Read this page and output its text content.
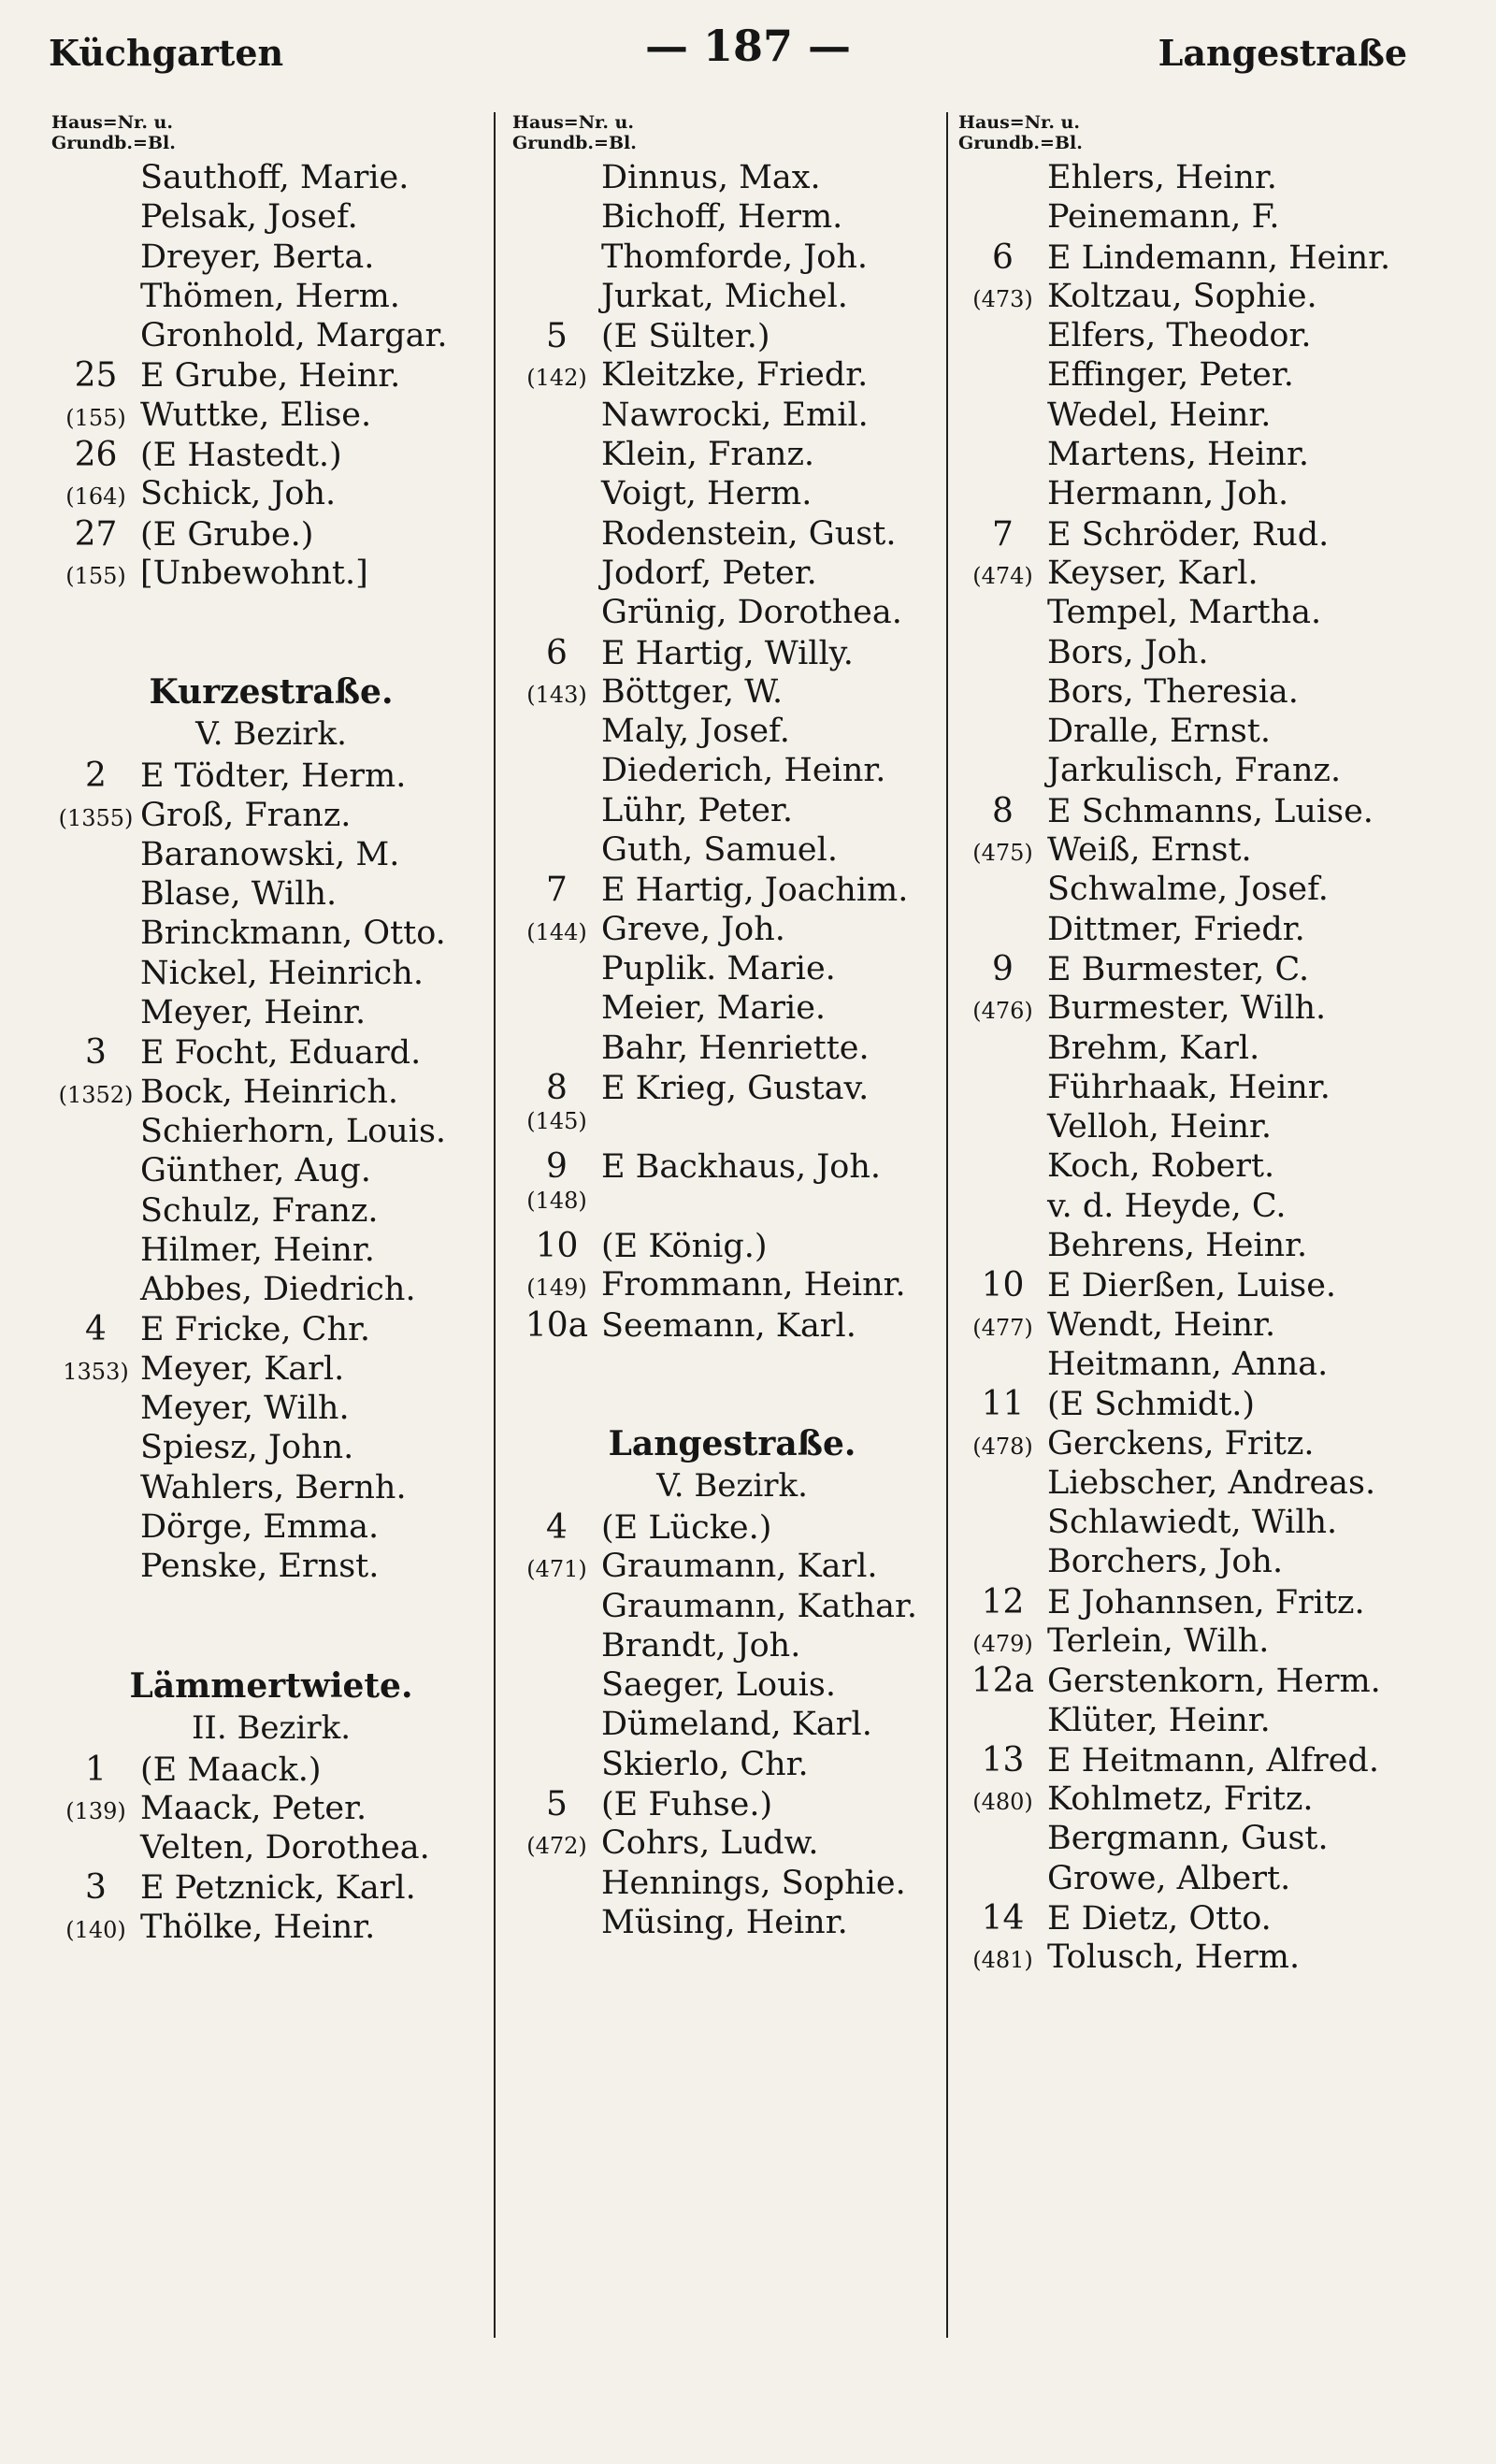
Küchgarten	— 187 —	Langestraße
Haus=Nr. u.
Grundb.=Bl.
Sauthoff, Marie.
Pelsak, Josef.
Dreyer, Berta.
Thömen, Herm.
Gronhold, Margar.
25 E Grube, Heinr.
(155) Wuttke, Elise.
26 (E Hastedt.)
(164) Schick, Joh.
27 (E Grube.)
(155) [Unbewohnt.]
Kurzestraße.
V. Bezirk.
2	E Tödter, Herm.
(1355) Groß, Franz.
Baranowski, M.
Blase, Wilh.
Brinckmann, Otto.
Nickel, Heinrich.
Meyer, Heinr.
3	E Focht, Eduard.
(1352) Bock, Heinrich.
Schierhorn, Louis.
Günther, Aug.
Schulz, Franz.
Hilmer, Heinr.
Abbes, Diedrich.
4	E Fricke, Chr.
1353) Meyer, Karl.
Meyer, Wilh.
Spiesz, John.
Wahlers, Bernh.
Dörge, Emma.
Penske, Ernst.
Lämmertwiete.
II. Bezirk.
1	(E Maack.)
(139) Maack, Peter.
Velten, Dorothea.
3	E Petznick, Karl.
(140) Thölke, Heinr.
Haus=Nr. u.
Grundb.=Bl.
Dinnus, Max.
Bichoff, Herm.
Thomforde, Joh.
Jurkat, Michel.
5	(E Sülter.)
(142) Kleitzke, Friedr.
Nawrocki, Emil.
Klein, Franz.
Voigt, Herm.
Rodenstein, Gust.
Jodorf, Peter.
Grünig, Dorothea.
6	E Hartig, Willy.
(143) Böttger, W.
Maly, Josef.
Diederich, Heinr.
Lühr, Peter.
Guth, Samuel.
7	E Hartig, Joachim.
(144) Greve, Joh.
Puplik. Marie.
Meier, Marie.
Bahr, Henriette.
8	E Krieg, Gustav.
(145)
9	E Backhaus, Joh.
(148)
10 (E König.)
(149) Frommann, Heinr.
10a Seemann, Karl.
Langestraße.
V. Bezirk.
4	(E Lücke.)
(471) Graumann, Karl.
Graumann, Kathar.
Brandt, Joh.
Saeger, Louis.
Dümeland, Karl.
Skierlo, Chr.
5	(E Fuhse.)
(472) Cohrs, Ludw.
Hennings, Sophie.
Müsing, Heinr.
Haus=Nr. u.
Grundb.=Bl.
Ehlers, Heinr.
Peinemann, F.
6	E Lindemann, Heinr.
(473) Koltzau, Sophie.
Elfers, Theodor.
Effinger, Peter.
Wedel, Heinr.
Martens, Heinr.
Hermann, Joh.
7	E Schröder, Rud.
(474) Keyser, Karl.
Tempel, Martha.
Bors, Joh.
Bors, Theresia.
Dralle, Ernst.
Jarkulisch, Franz.
8	E Schmanns, Luise.
(475) Weiß, Ernst.
Schwalme, Josef.
Dittmer, Friedr.
9	E Burmester, C.
(476) Burmester, Wilh.
Brehm, Karl.
Führhaak, Heinr.
Velloh, Heinr.
Koch, Robert.
v. d. Heyde, C.
Behrens, Heinr.
10 E Dierßen, Luise.
(477) Wendt, Heinr.
Heitmann, Anna.
11 (E Schmidt.)
(478) Gerckens, Fritz.
Liebscher, Andreas.
Schlawiedt, Wilh.
Borchers, Joh.
12 E Johannsen, Fritz.
(479) Terlein, Wilh.
12a Gerstenkorn, Herm.
Klüter, Heinr.
13 E Heitmann, Alfred.
(480) Kohlmetz, Fritz.
Bergmann, Gust.
Growe, Albert.
14 E Dietz, Otto.
(481) Tolusch, Herm.
